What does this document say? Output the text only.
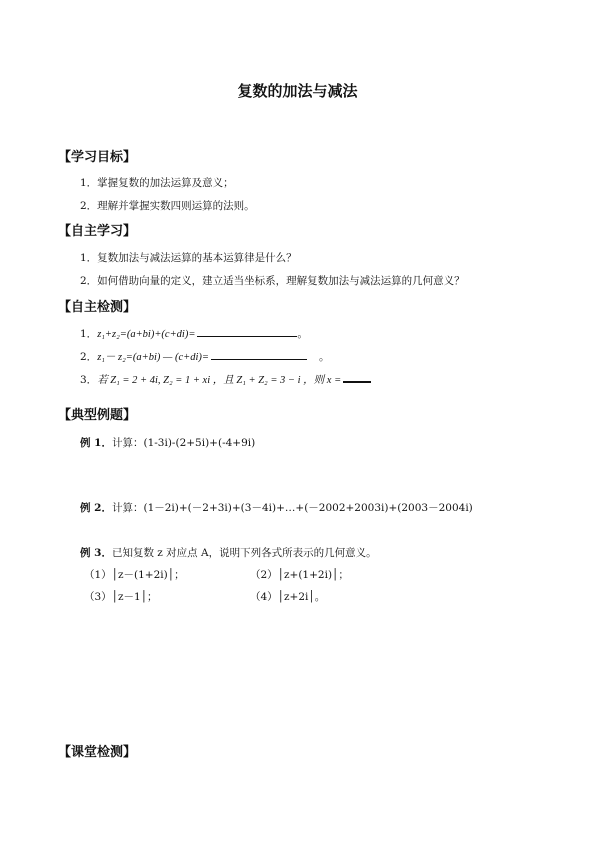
复数的加法与减法
【学习目标】
1．掌握复数的加法运算及意义；
2．理解并掌握实数四则运算的法则。
【自主学习】
1．复数加法与减法运算的基本运算律是什么？
2．如何借助向量的定义，建立适当坐标系，理解复数加法与减法运算的几何意义？
【自主检测】
1．z₁+z₂=(a+bi)+(c+di)=	。
2．z₁－ z₂=(a+bi) — (c+di)=	。
3．若 Z₁ = 2 + 4i, Z₂ = 1 + xi ，且 Z₁ + Z₂ = 3 − i ，则 x =
【典型例题】
例 1．计算：(1-3i)-(2+5i)+(-4+9i)
例 2．计算：(1－2i)+(－2+3i)+(3－4i)+…+(－2002+2003i)+(2003－2004i)
例 3．已知复数 z 对应点 A，说明下列各式所表示的几何意义。
（1）│z－(1+2i)│；	（2）│z+(1+2i)│；
（3）│z－1│；	（4）│z+2i│。
【课堂检测】
